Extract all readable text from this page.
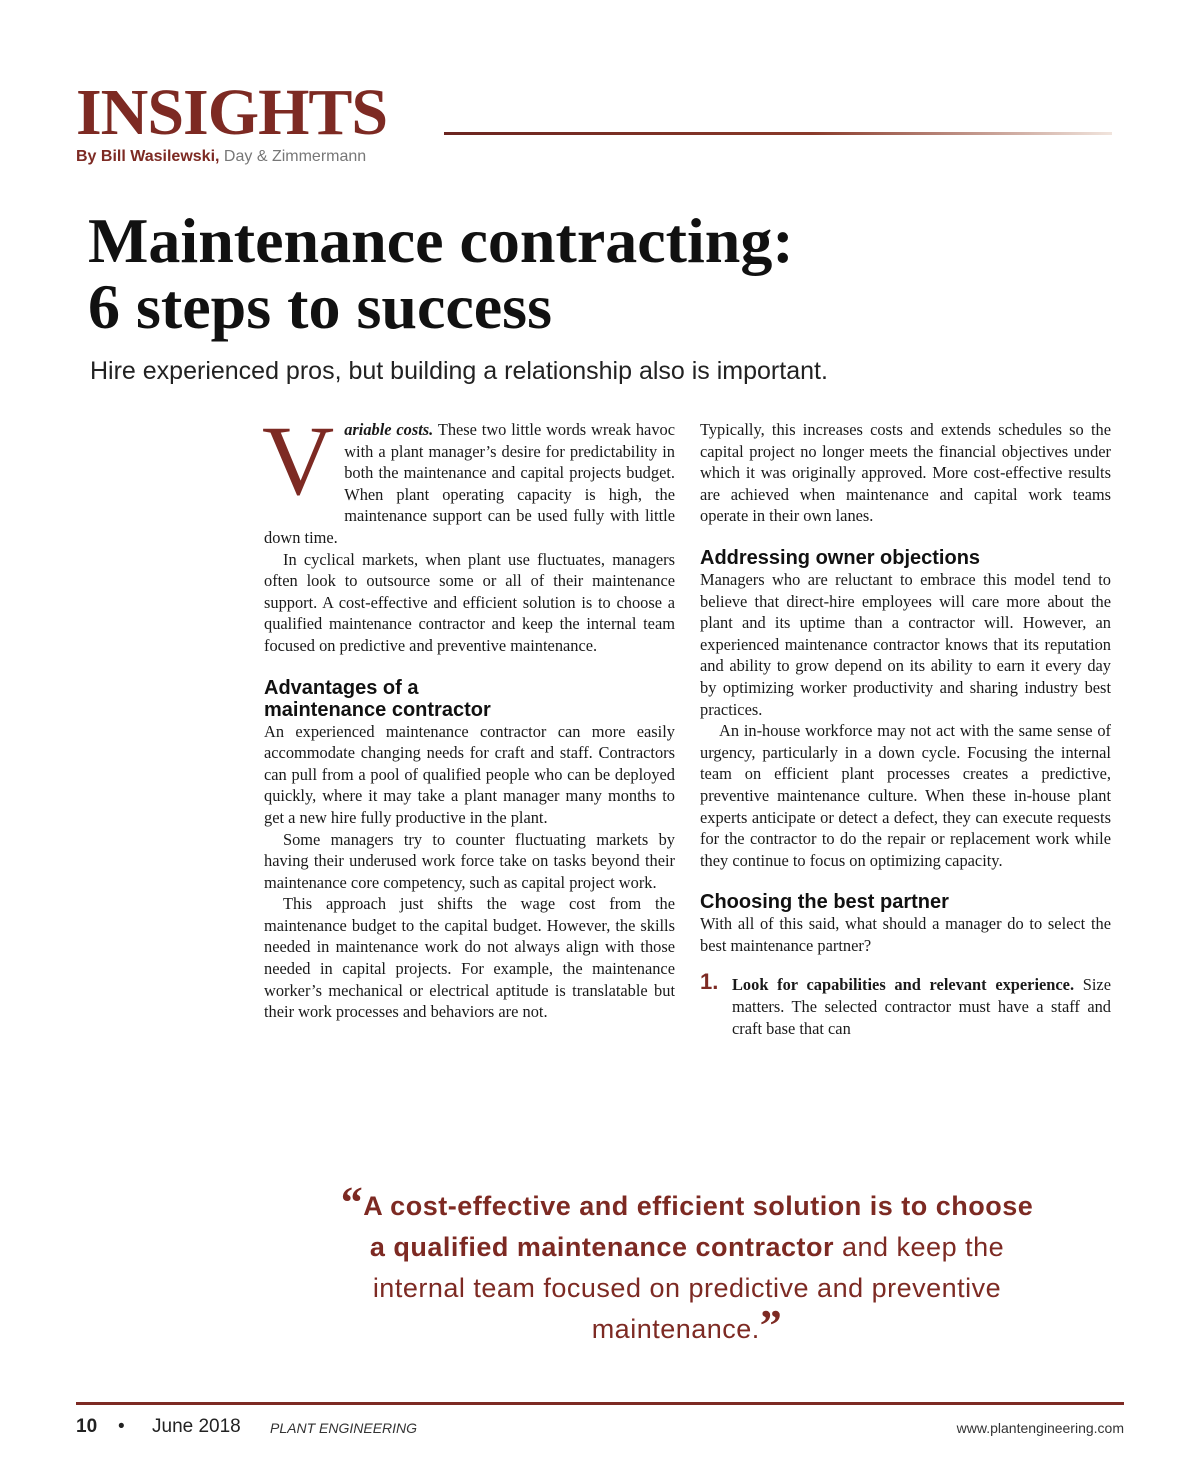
INSIGHTS
By Bill Wasilewski, Day & Zimmermann
Maintenance contracting:
6 steps to success
Hire experienced pros, but building a relationship also is important.

Variable costs. These two little words wreak havoc with a plant manager’s desire for predictability in both the maintenance and capital projects budget. When plant operating capacity is high, the maintenance support can be used fully with little down time.

In cyclical markets, when plant use fluctuates, managers often look to outsource some or all of their maintenance support. A cost-effective and efficient solution is to choose a qualified maintenance contractor and keep the internal team focused on predictive and preventive maintenance.

Advantages of a
maintenance contractor

An experienced maintenance contractor can more easily accommodate changing needs for craft and staff. Contractors can pull from a pool of qualified people who can be deployed quickly, where it may take a plant manager many months to get a new hire fully productive in the plant.

Some managers try to counter fluctuating markets by having their underused work force take on tasks beyond their maintenance core competency, such as capital project work.

This approach just shifts the wage cost from the maintenance budget to the capital budget. However, the skills needed in maintenance work do not always align with those needed in capital projects. For example, the maintenance worker’s mechanical or electrical aptitude is translatable but their work processes and behaviors are not.

Typically, this increases costs and extends schedules so the capital project no longer meets the financial objectives under which it was originally approved. More cost-effective results are achieved when maintenance and capital work teams operate in their own lanes.

Addressing owner objections

Managers who are reluctant to embrace this model tend to believe that direct-hire employees will care more about the plant and its uptime than a contractor will. However, an experienced maintenance contractor knows that its reputation and ability to grow depend on its ability to earn it every day by optimizing worker productivity and sharing industry best practices.

An in-house workforce may not act with the same sense of urgency, particularly in a down cycle. Focusing the internal team on efficient plant processes creates a predictive, preventive maintenance culture. When these in-house plant experts anticipate or detect a defect, they can execute requests for the contractor to do the repair or replacement work while they continue to focus on optimizing capacity.

Choosing the best partner

With all of this said, what should a manager do to select the best maintenance partner?

1. Look for capabilities and relevant experience. Size matters. The selected contractor must have a staff and craft base that can
“A cost-effective and efficient solution is to choose a qualified maintenance contractor and keep the internal team focused on predictive and preventive maintenance.”
10 • June 2018 PLANT ENGINEERING	www.plantengineering.com
